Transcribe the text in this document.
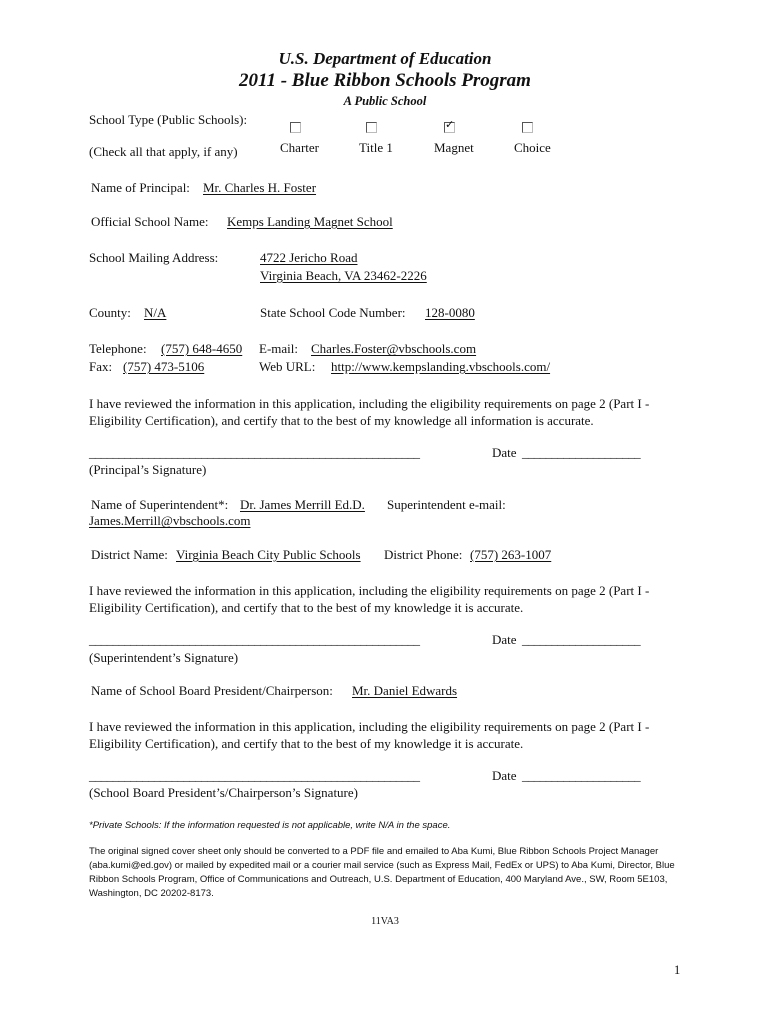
U.S. Department of Education
2011 - Blue Ribbon Schools Program
A Public School
School Type (Public Schools):
(Check all that apply, if any)
✓
Charter	Title 1	Magnet	Choice
Name of Principal: Mr. Charles H. Foster
Official School Name: Kemps Landing Magnet School
School Mailing Address:	4722 Jericho Road
Virginia Beach, VA 23462-2226
County: N/A	State School Code Number: 128-0080
Telephone: (757) 648-4650
Fax: (757) 473-5106
E-mail: Charles.Foster@vbschools.com
Web URL: http://www.kempslanding.vbschools.com/
I have reviewed the information in this application, including the eligibility requirements on page 2 (Part I - Eligibility Certification), and certify that to the best of my knowledge all information is accurate.
________________________________________________________	Date ____________________
(Principal’s Signature)
Name of Superintendent*: Dr. James Merrill Ed.D. Superintendent e-mail:
James.Merrill@vbschools.com
District Name: Virginia Beach City Public Schools District Phone: (757) 263-1007
I have reviewed the information in this application, including the eligibility requirements on page 2 (Part I - Eligibility Certification), and certify that to the best of my knowledge it is accurate.
________________________________________________________	Date ____________________
(Superintendent’s Signature)
Name of School Board President/Chairperson: Mr. Daniel Edwards
I have reviewed the information in this application, including the eligibility requirements on page 2 (Part I - Eligibility Certification), and certify that to the best of my knowledge it is accurate.
________________________________________________________	Date ____________________
(School Board President’s/Chairperson’s Signature)
*Private Schools: If the information requested is not applicable, write N/A in the space.
The original signed cover sheet only should be converted to a PDF file and emailed to Aba Kumi, Blue Ribbon Schools Project Manager (aba.kumi@ed.gov) or mailed by expedited mail or a courier mail service (such as Express Mail, FedEx or UPS) to Aba Kumi, Director, Blue Ribbon Schools Program, Office of Communications and Outreach, U.S. Department of Education, 400 Maryland Ave., SW, Room 5E103, Washington, DC 20202-8173.
11VA3
1
